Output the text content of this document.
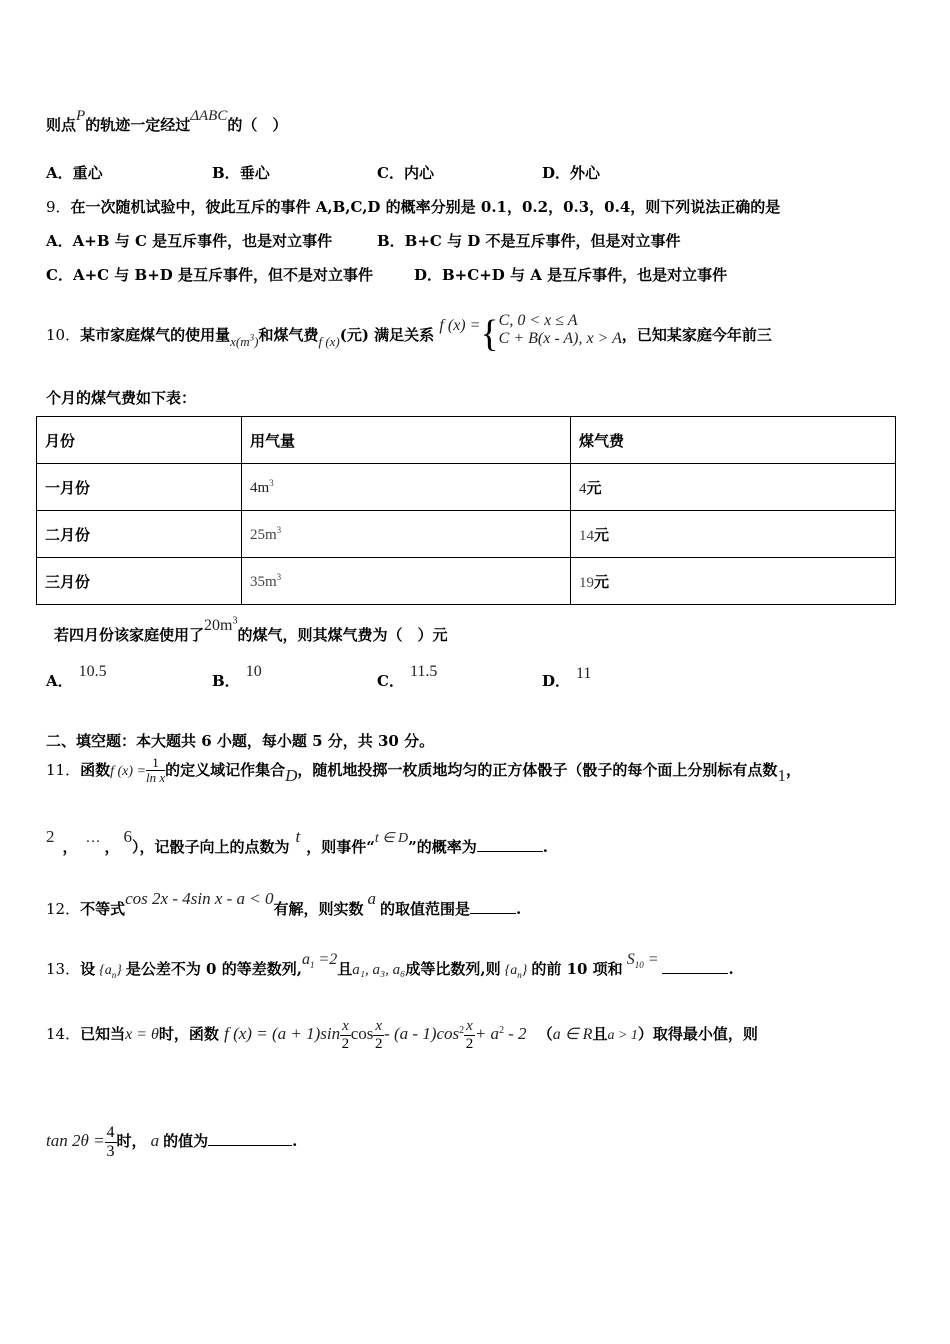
则点P的轨迹一定经过ΔABC的（　）
A．重心	B．垂心	C．内心	D．外心
9．在一次随机试验中，彼此互斥的事件 A,B,C,D 的概率分别是 0.1，0.2，0.3，0.4，则下列说法正确的是
A．A+B 与 C 是互斥事件，也是对立事件	B．B+C 与 D 不是互斥事件，但是对立事件
C．A+C 与 B+D 是互斥事件，但不是对立事件	D．B+C+D 与 A 是互斥事件，也是对立事件
10．某市家庭煤气的使用量$x(m^3)$和煤气费f (x)(元) 满足关系 f (x) ={ C, 0 < x ≤ A
C + B(x - A), x > A ，已知某家庭今年前三
个月的煤气费如下表：
月份	用气量	煤气费
一月份	$4m^3$	4元
二月份	$25m^3$	14元
三月份	$35m^3$	19元
若四月份该家庭使用了$20m^3$的煤气，则其煤气费为（　）元
A．10.5
B．10
C．11.5
D． 11
二、填空题：本大题共 6 小题，每小题 5 分，共 30 分。
11．函数f $(x) = \frac{1}{\text{ln x}}$ 的定义域记作集合D，随机地投掷一枚质地均匀的正方体骰子（骰子的每个面上分别标有点数1，
2， … ，6），记骰子向上的点数为t，则事件“t ∈ D”的概率为	.
12．不等式cos 2x - 4sin x - a < 0有解，则实数a的取值范围是	.
13．设 $\{a_n\}$ 是公差不为 0 的等差数列$,a_1 =2$且a₁, a₃, a₆成等比数列,则 $\{a_n\}$ 的前 10 项和$S_{10}$ =.
14．已知当x = θ时，函数 f $(x) = (a + 1)\sin \frac{x}{2}$ $\cos \frac{x}{2} - (a - 1)\cos^2 \frac{x}{2} + a^2 - 2$ （a ∈ R且a > 1）取得最小值，则
$\tan 2\theta = \frac{4}{3}$ 时， a 的值为	.
